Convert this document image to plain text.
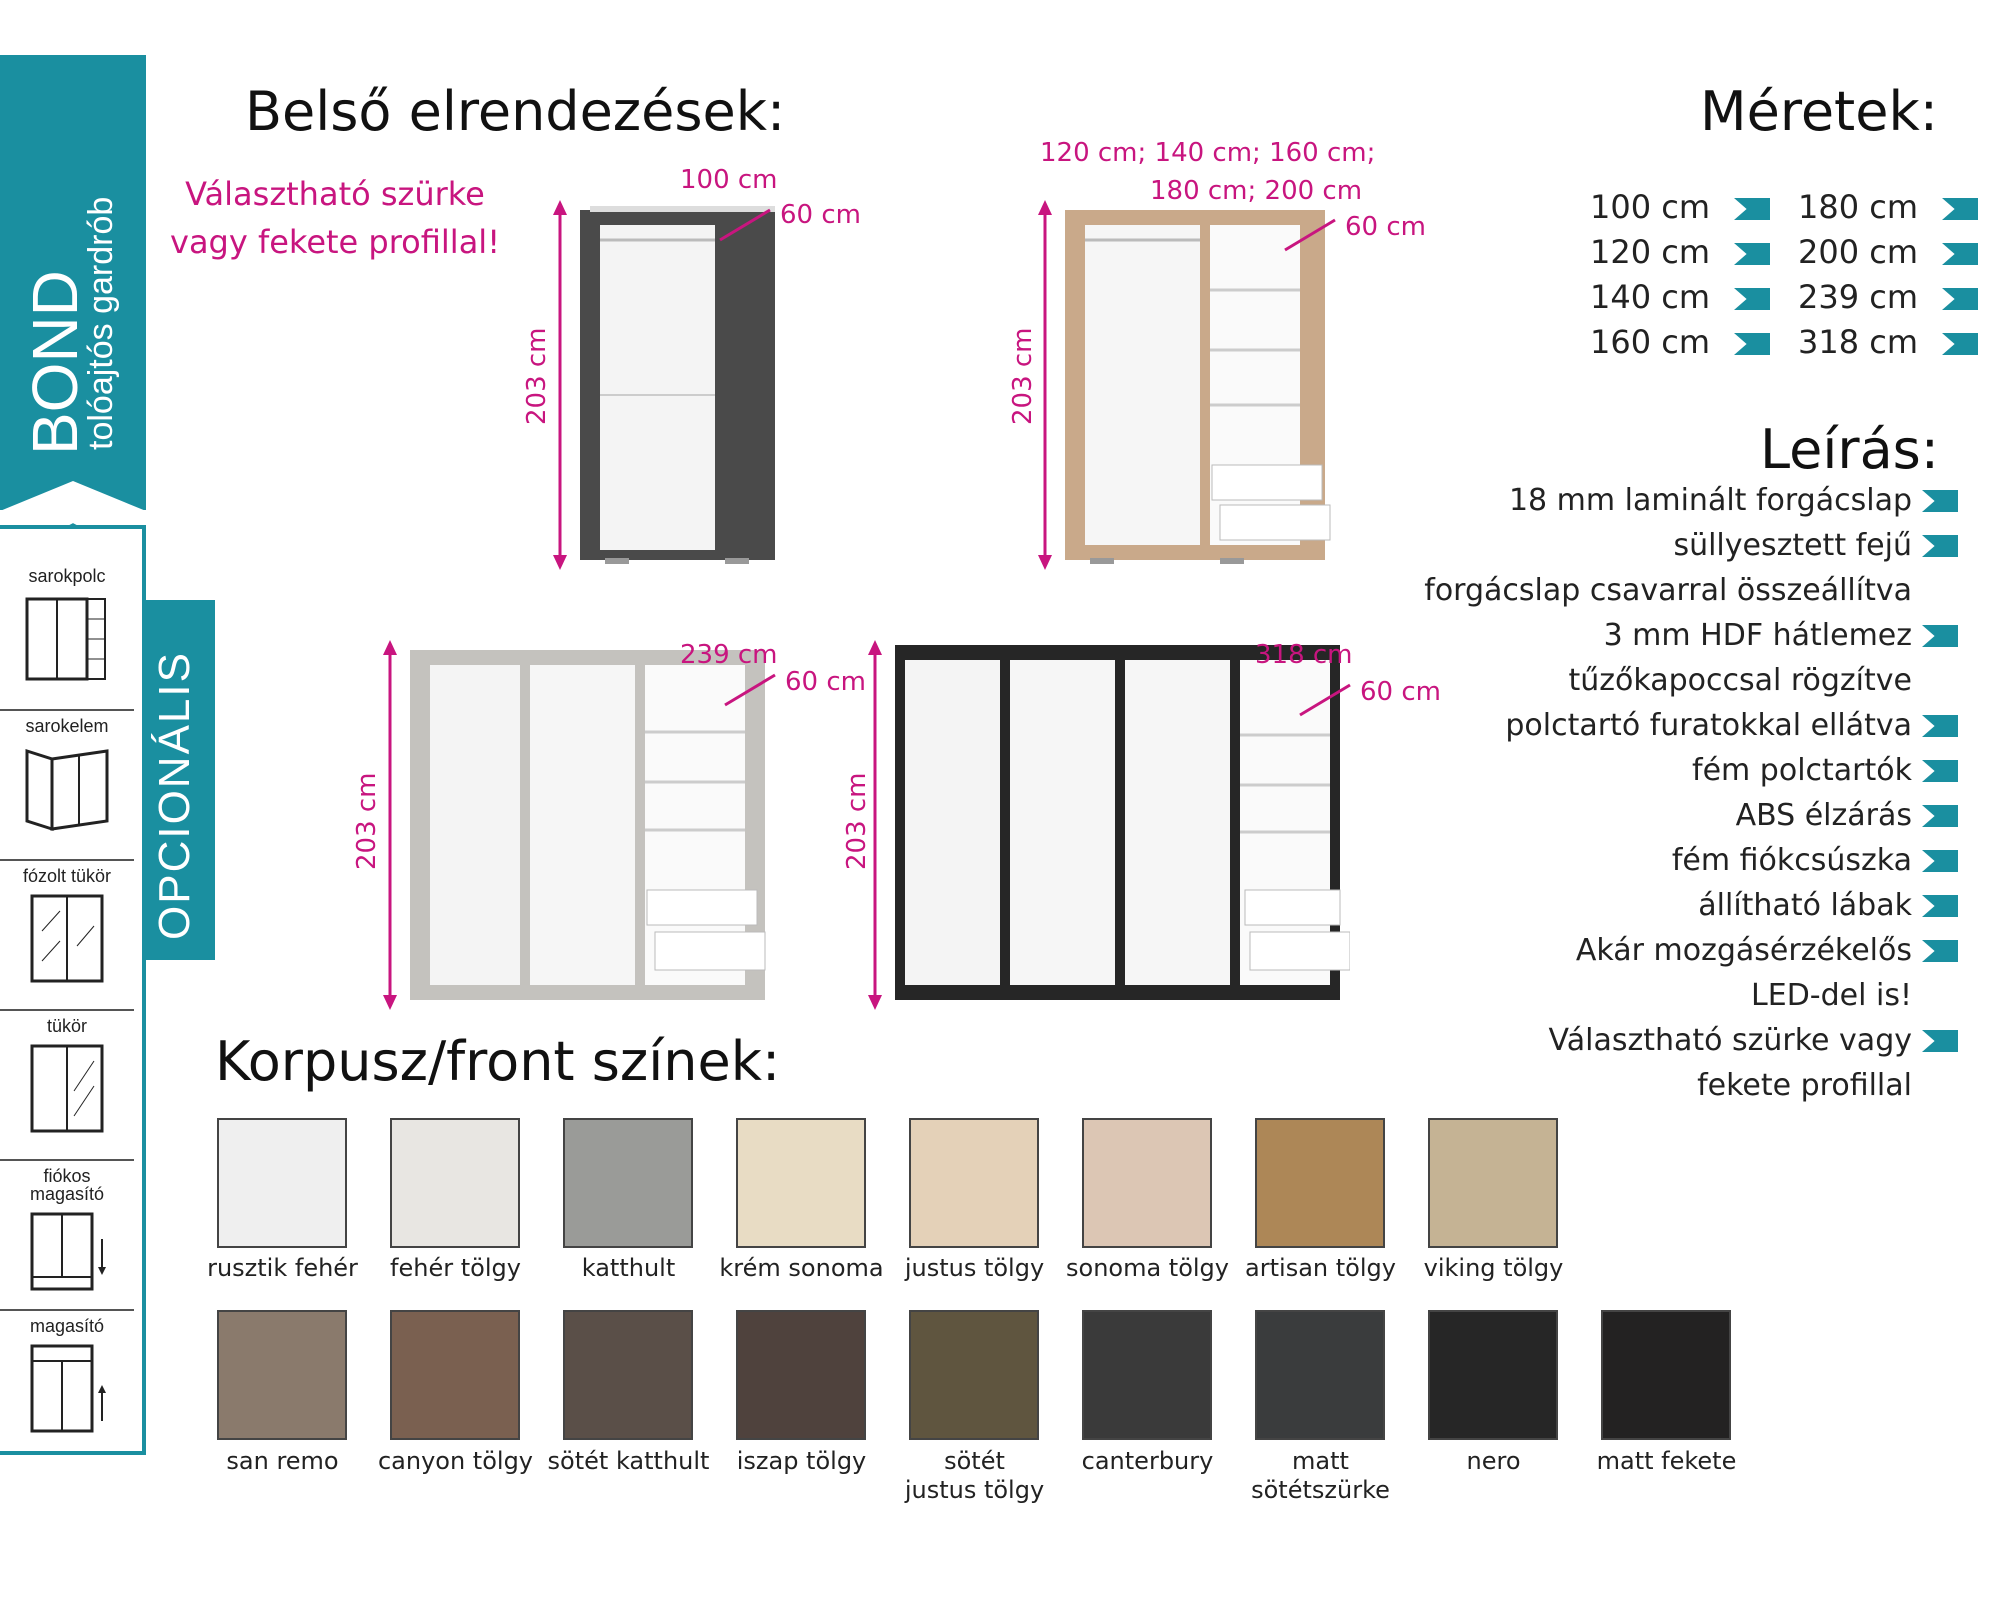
BOND
tolóajtós gardrób
sarokpolc
sarokelem
fózolt tükör
tükör
fiókos magasító
magasító
OPCIONÁLIS
Belső elrendezések:
Választható szürke vagy fekete profillal!
Méretek:
Leírás:
Korpusz/front színek:
100 cm
60 cm
203 cm
120 cm; 140 cm; 160 cm;
180 cm; 200 cm
60 cm
203 cm
239 cm
60 cm
203 cm
318 cm
60 cm
203 cm
100 cm
120 cm
140 cm
160 cm
180 cm
200 cm
239 cm
318 cm
18 mm laminált forgácslap
süllyesztett fejű
forgácslap csavarral összeállítva
3 mm HDF hátlemez
tűzőkapoccsal rögzítve
polctartó furatokkal ellátva
fém polctartók
ABS élzárás
fém fiókcsúszka
állítható lábak
Akár mozgásérzékelős
LED-del is!
Választható szürke vagy
fekete profillal
rusztik fehér	fehér tölgy	katthult	krém sonoma justus tölgy sonoma tölgy artisan tölgy	viking tölgy
san remo	canyon tölgy sötét katthult	iszap tölgy	sötét
justus tölgy
canterbury	matt
sötétszürke
nero	matt fekete
